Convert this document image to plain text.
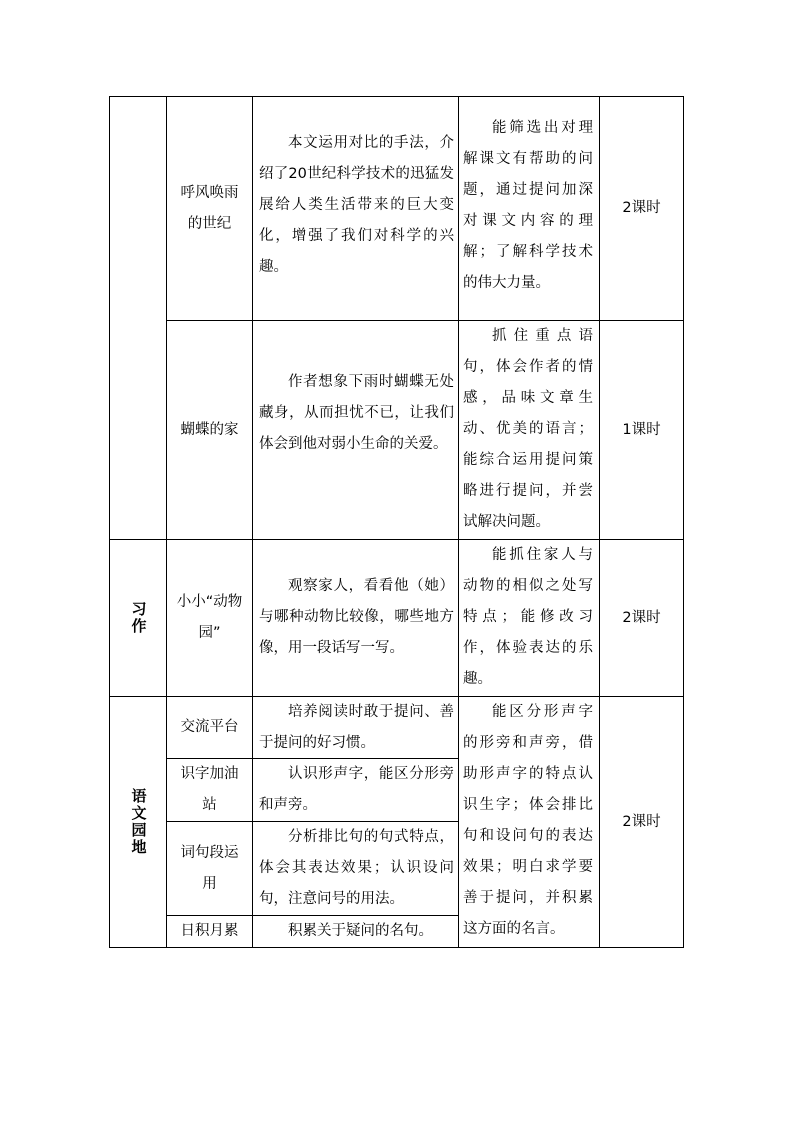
呼风唤雨的世纪
本文运用对比的手法，介绍了20世纪科学技术的迅猛发展给人类生活带来的巨大变化，增强了我们对科学的兴趣。
能筛选出对理解课文有帮助的问题，通过提问加深对课文内容的理解；了解科学技术的伟大力量。
2课时
蝴蝶的家
作者想象下雨时蝴蝶无处藏身，从而担忧不已，让我们体会到他对弱小生命的关爱。
抓住重点语句，体会作者的情感，品味文章生动、优美的语言；能综合运用提问策略进行提问，并尝试解决问题。
1课时
习作	小小“动物园”
观察家人，看看他（她）与哪种动物比较像，哪些地方像，用一段话写一写。
能抓住家人与动物的相似之处写特点；能修改习作，体验表达的乐趣。
2课时
语文园地
交流平台
培养阅读时敢于提问、善于提问的好习惯。
识字加油站
认识形声字，能区分形旁和声旁。
词句段运用
分析排比句的句式特点，体会其表达效果；认识设问句，注意问号的用法。
日积月累	积累关于疑问的名句。
能区分形声字的形旁和声旁，借助形声字的特点认识生字；体会排比句和设问句的表达效果；明白求学要善于提问，并积累这方面的名言。
2课时
